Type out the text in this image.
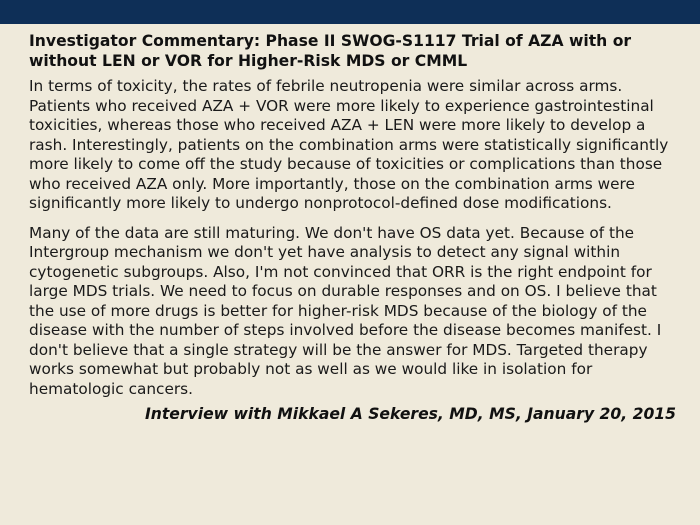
Investigator Commentary: Phase II SWOG-S1117 Trial of AZA with or without LEN or VOR for Higher-Risk MDS or CMML

In terms of toxicity, the rates of febrile neutropenia were similar across arms. Patients who received AZA + VOR were more likely to experience gastrointestinal toxicities, whereas those who received AZA + LEN were more likely to develop a rash. Interestingly, patients on the combination arms were statistically significantly more likely to come off the study because of toxicities or complications than those who received AZA only. More importantly, those on the combination arms were significantly more likely to undergo nonprotocol-defined dose modifications.

Many of the data are still maturing. We don't have OS data yet. Because of the Intergroup mechanism we don't yet have analysis to detect any signal within cytogenetic subgroups. Also, I'm not convinced that ORR is the right endpoint for large MDS trials. We need to focus on durable responses and on OS. I believe that the use of more drugs is better for higher-risk MDS because of the biology of the disease with the number of steps involved before the disease becomes manifest. I don't believe that a single strategy will be the answer for MDS. Targeted therapy works somewhat but probably not as well as we would like in isolation for hematologic cancers.

Interview with Mikkael A Sekeres, MD, MS, January 20, 2015
